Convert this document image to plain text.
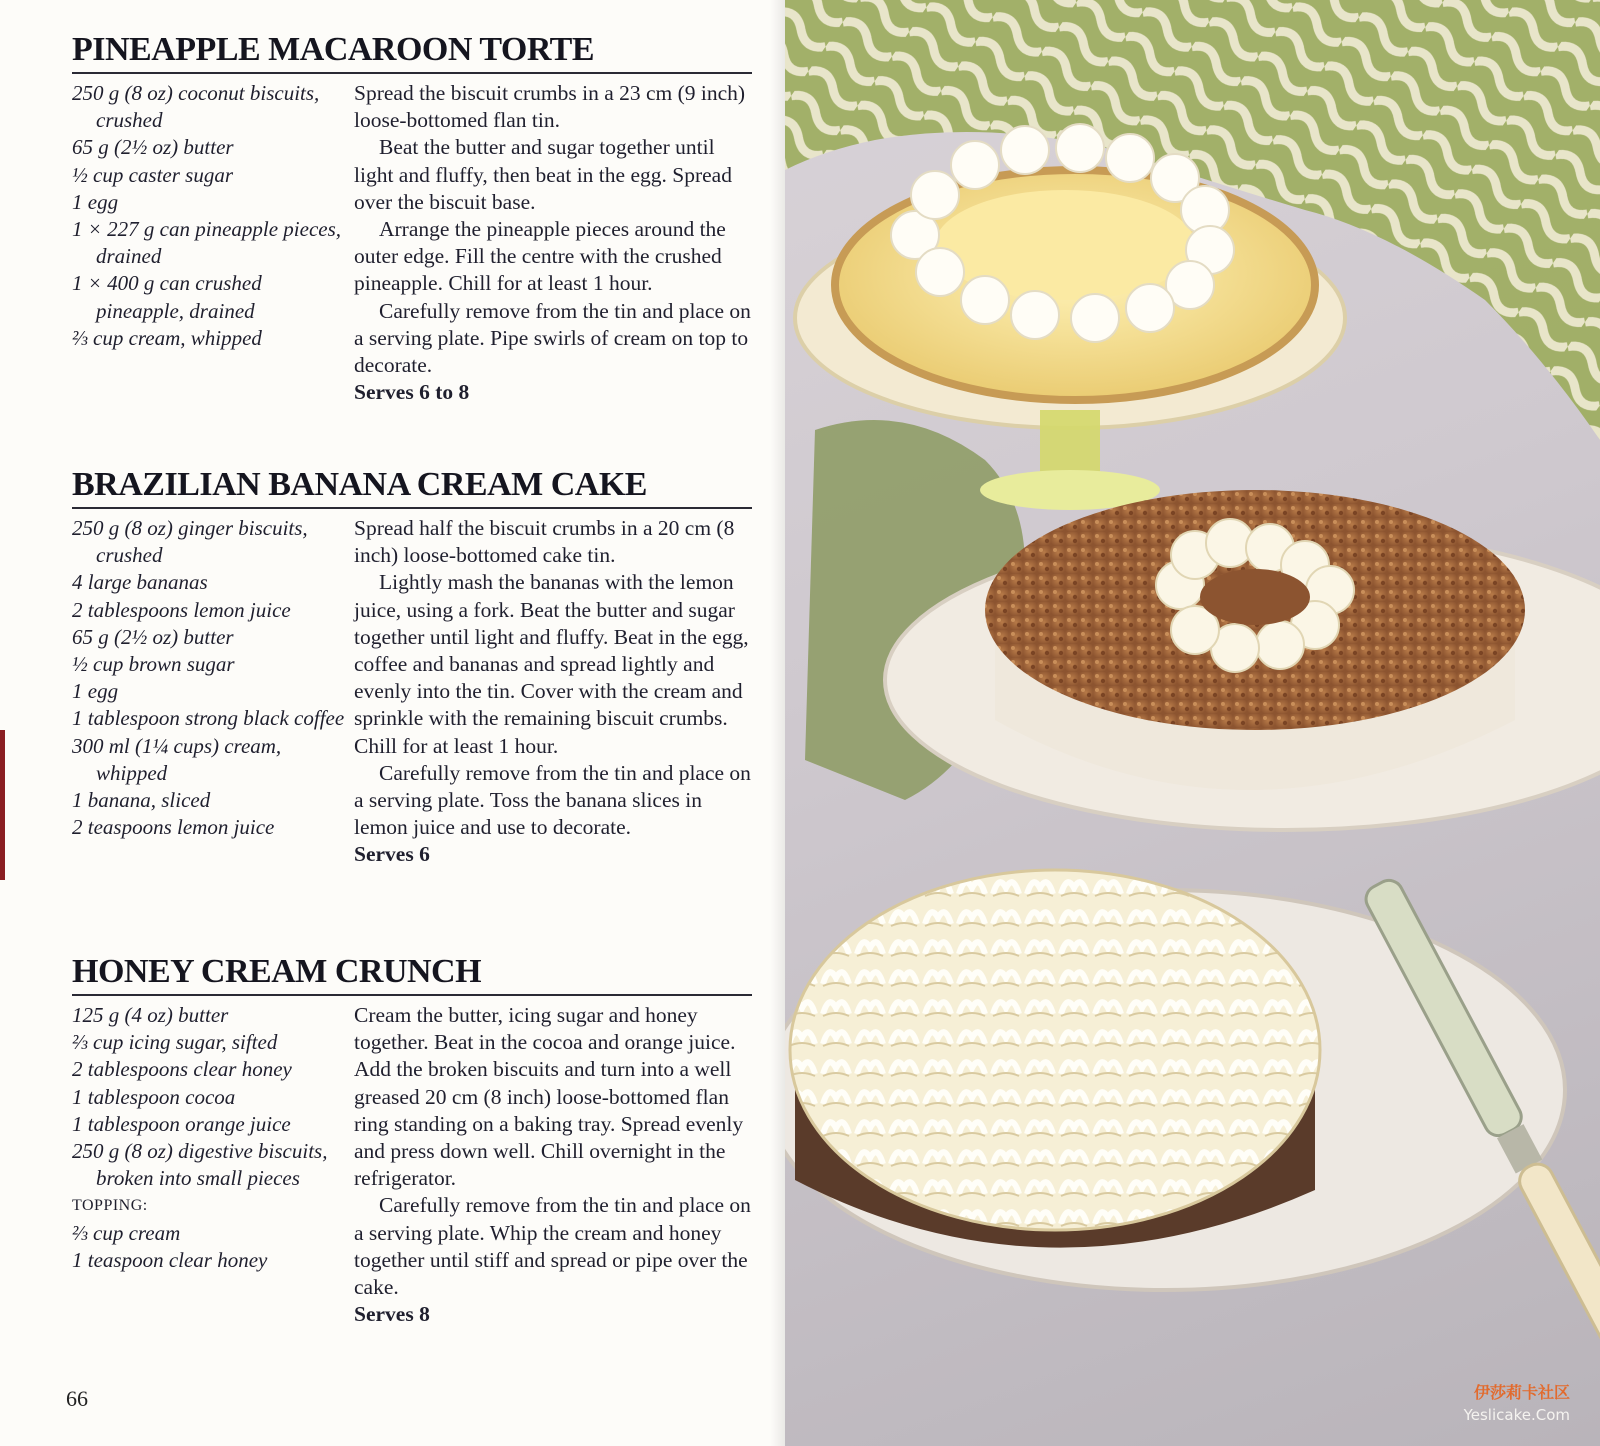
PINEAPPLE MACAROON TORTE
250 g (8 oz) coconut biscuits, crushed
65 g (2½ oz) butter
½ cup caster sugar
1 egg
1 × 227 g can pineapple pieces, drained
1 × 400 g can crushed pineapple, drained
⅔ cup cream, whipped

Spread the biscuit crumbs in a 23 cm (9 inch) loose-bottomed flan tin.

Beat the butter and sugar together until light and fluffy, then beat in the egg. Spread over the biscuit base.

Arrange the pineapple pieces around the outer edge. Fill the centre with the crushed pineapple. Chill for at least 1 hour.

Carefully remove from the tin and place on a serving plate. Pipe swirls of cream on top to decorate.

Serves 6 to 8

BRAZILIAN BANANA CREAM CAKE
250 g (8 oz) ginger biscuits, crushed
4 large bananas
2 tablespoons lemon juice
65 g (2½ oz) butter
½ cup brown sugar
1 egg
1 tablespoon strong black coffee
300 ml (1¼ cups) cream, whipped
1 banana, sliced
2 teaspoons lemon juice

Spread half the biscuit crumbs in a 20 cm (8 inch) loose-bottomed cake tin.

Lightly mash the bananas with the lemon juice, using a fork. Beat the butter and sugar together until light and fluffy. Beat in the egg, coffee and bananas and spread lightly and evenly into the tin. Cover with the cream and sprinkle with the remaining biscuit crumbs. Chill for at least 1 hour.

Carefully remove from the tin and place on a serving plate. Toss the banana slices in lemon juice and use to decorate.

Serves 6

HONEY CREAM CRUNCH
125 g (4 oz) butter
⅔ cup icing sugar, sifted
2 tablespoons clear honey
1 tablespoon cocoa
1 tablespoon orange juice
250 g (8 oz) digestive biscuits, broken into small pieces
TOPPING:
⅔ cup cream
1 teaspoon clear honey

Cream the butter, icing sugar and honey together. Beat in the cocoa and orange juice. Add the broken biscuits and turn into a well greased 20 cm (8 inch) loose-bottomed flan ring standing on a baking tray. Spread evenly and press down well. Chill overnight in the refrigerator.

Carefully remove from the tin and place on a serving plate. Whip the cream and honey together until stiff and spread or pipe over the cake.

Serves 8

66	伊莎莉卡社区
Yeslicake.Com
